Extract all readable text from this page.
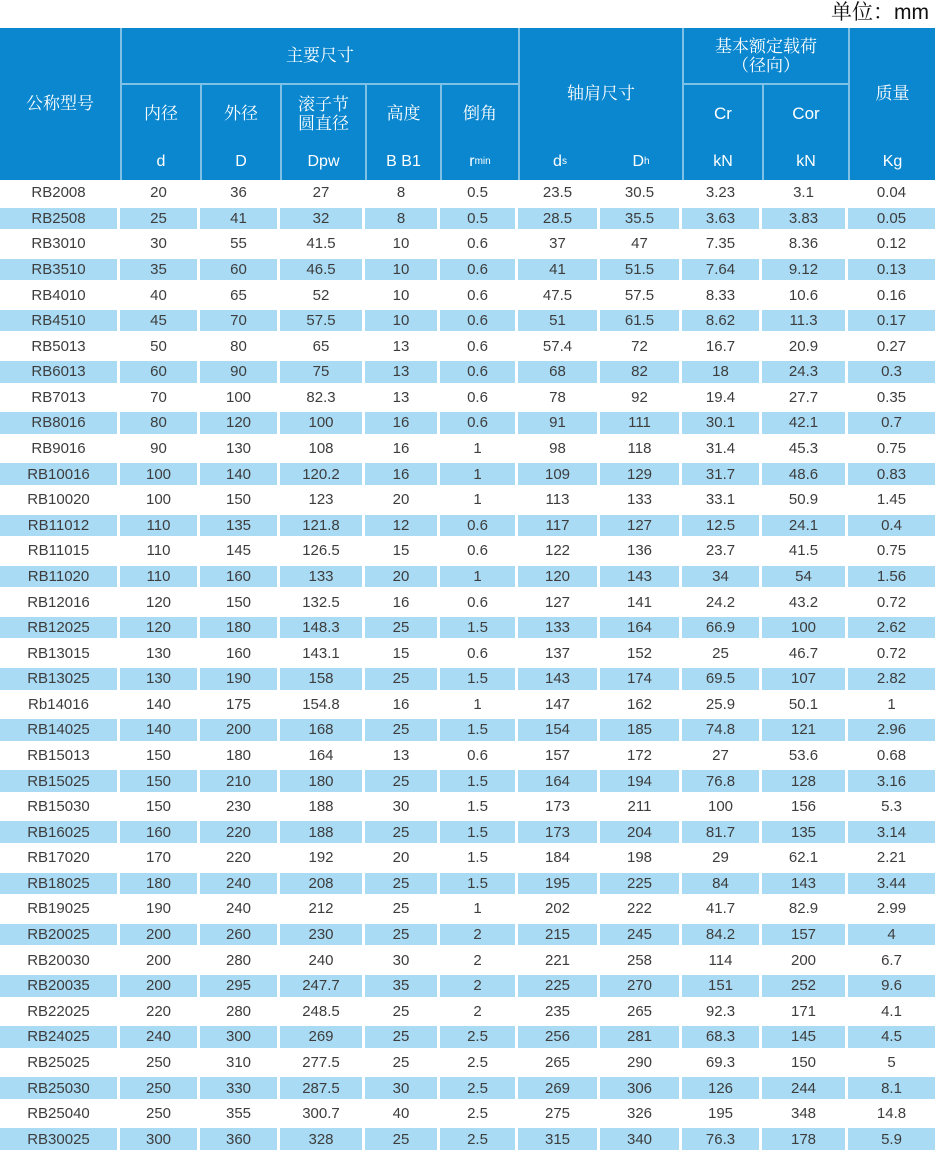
单位：mm
公称型号
主要尺寸
轴肩尺寸
基本额定载荷
（径向）
质量
内径	外径	滚子节
圆直径
高度	倒角	Cr	Cor
d	D	Dpw	B B1	r min	d s	D h	kN	kN	Kg
RB2008	20	36	27	8	0.5	23.5	30.5	3.23	3.1	0.04
RB2508	25	41	32	8	0.5	28.5	35.5	3.63	3.83	0.05
RB3010	30	55	41.5	10	0.6	37	47	7.35	8.36	0.12
RB3510	35	60	46.5	10	0.6	41	51.5	7.64	9.12	0.13
RB4010	40	65	52	10	0.6	47.5	57.5	8.33	10.6	0.16
RB4510	45	70	57.5	10	0.6	51	61.5	8.62	11.3	0.17
RB5013	50	80	65	13	0.6	57.4	72	16.7	20.9	0.27
RB6013	60	90	75	13	0.6	68	82	18	24.3	0.3
RB7013	70	100	82.3	13	0.6	78	92	19.4	27.7	0.35
RB8016	80	120	100	16	0.6	91	111	30.1	42.1	0.7
RB9016	90	130	108	16	1	98	118	31.4	45.3	0.75
RB10016	100	140	120.2	16	1	109	129	31.7	48.6	0.83
RB10020	100	150	123	20	1	113	133	33.1	50.9	1.45
RB11012	110	135	121.8	12	0.6	117	127	12.5	24.1	0.4
RB11015	110	145	126.5	15	0.6	122	136	23.7	41.5	0.75
RB11020	110	160	133	20	1	120	143	34	54	1.56
RB12016	120	150	132.5	16	0.6	127	141	24.2	43.2	0.72
RB12025	120	180	148.3	25	1.5	133	164	66.9	100	2.62
RB13015	130	160	143.1	15	0.6	137	152	25	46.7	0.72
RB13025	130	190	158	25	1.5	143	174	69.5	107	2.82
Rb14016	140	175	154.8	16	1	147	162	25.9	50.1	1
RB14025	140	200	168	25	1.5	154	185	74.8	121	2.96
RB15013	150	180	164	13	0.6	157	172	27	53.6	0.68
RB15025	150	210	180	25	1.5	164	194	76.8	128	3.16
RB15030	150	230	188	30	1.5	173	211	100	156	5.3
RB16025	160	220	188	25	1.5	173	204	81.7	135	3.14
RB17020	170	220	192	20	1.5	184	198	29	62.1	2.21
RB18025	180	240	208	25	1.5	195	225	84	143	3.44
RB19025	190	240	212	25	1	202	222	41.7	82.9	2.99
RB20025	200	260	230	25	2	215	245	84.2	157	4
RB20030	200	280	240	30	2	221	258	114	200	6.7
RB20035	200	295	247.7	35	2	225	270	151	252	9.6
RB22025	220	280	248.5	25	2	235	265	92.3	171	4.1
RB24025	240	300	269	25	2.5	256	281	68.3	145	4.5
RB25025	250	310	277.5	25	2.5	265	290	69.3	150	5
RB25030	250	330	287.5	30	2.5	269	306	126	244	8.1
RB25040	250	355	300.7	40	2.5	275	326	195	348	14.8
RB30025	300	360	328	25	2.5	315	340	76.3	178	5.9
